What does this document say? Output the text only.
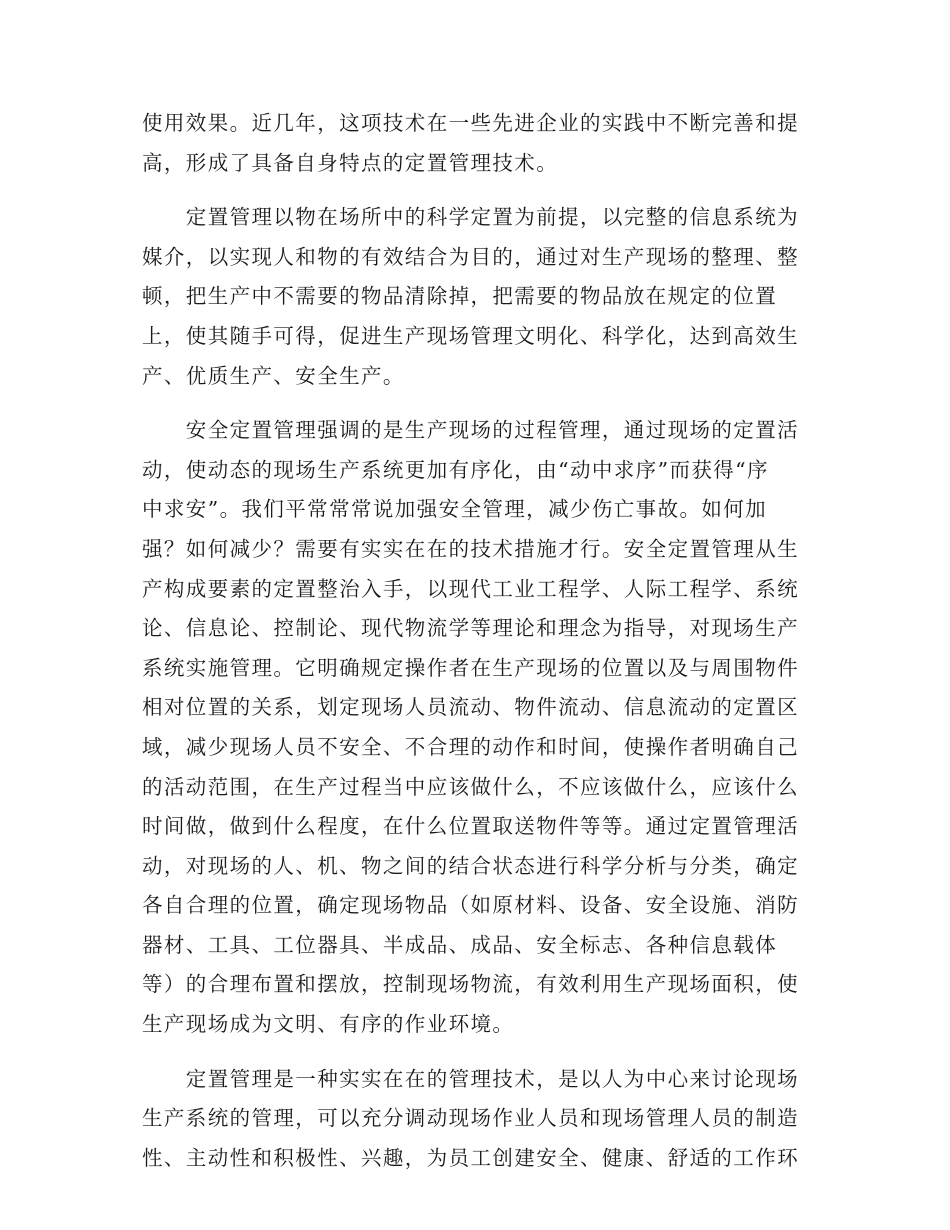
使用效果。近几年，这项技术在一些先进企业的实践中不断完善和提
高，形成了具备自身特点的定置管理技术。

　　定置管理以物在场所中的科学定置为前提，以完整的信息系统为
媒介，以实现人和物的有效结合为目的，通过对生产现场的整理、整
顿，把生产中不需要的物品清除掉，把需要的物品放在规定的位置
上，使其随手可得，促进生产现场管理文明化、科学化，达到高效生
产、优质生产、安全生产。

　　安全定置管理强调的是生产现场的过程管理，通过现场的定置活
动，使动态的现场生产系统更加有序化，由“动中求序”而获得“序
中求安”。我们平常常常说加强安全管理，减少伤亡事故。如何加
强？如何减少？需要有实实在在的技术措施才行。安全定置管理从生
产构成要素的定置整治入手，以现代工业工程学、人际工程学、系统
论、信息论、控制论、现代物流学等理论和理念为指导，对现场生产
系统实施管理。它明确规定操作者在生产现场的位置以及与周围物件
相对位置的关系，划定现场人员流动、物件流动、信息流动的定置区
域，减少现场人员不安全、不合理的动作和时间，使操作者明确自己
的活动范围，在生产过程当中应该做什么，不应该做什么，应该什么
时间做，做到什么程度，在什么位置取送物件等等。通过定置管理活
动，对现场的人、机、物之间的结合状态进行科学分析与分类，确定
各自合理的位置，确定现场物品（如原材料、设备、安全设施、消防
器材、工具、工位器具、半成品、成品、安全标志、各种信息载体
等）的合理布置和摆放，控制现场物流，有效利用生产现场面积，使
生产现场成为文明、有序的作业环境。

　　定置管理是一种实实在在的管理技术，是以人为中心来讨论现场
生产系统的管理，可以充分调动现场作业人员和现场管理人员的制造
性、主动性和积极性、兴趣，为员工创建安全、健康、舒适的工作环
